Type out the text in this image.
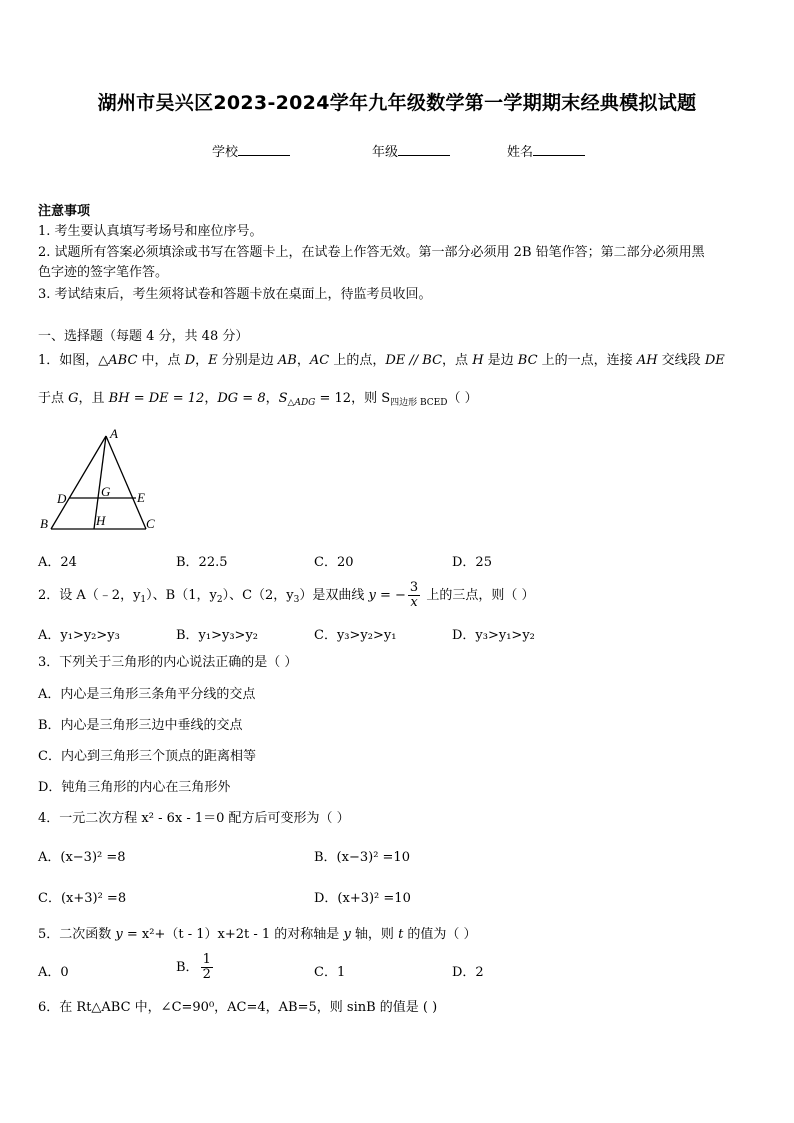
湖州市吴兴区2023-2024学年九年级数学第一学期期末经典模拟试题
学校	年级	姓名
注意事项
1. 考生要认真填写考场号和座位序号。
2. 试题所有答案必须填涂或书写在答题卡上，在试卷上作答无效。第一部分必须用 2B 铅笔作答；第二部分必须用黑
色字迹的签字笔作答。
3. 考试结束后，考生须将试卷和答题卡放在桌面上，待监考员收回。
一、选择题（每题 4 分，共 48 分）
1．如图，△ABC 中，点 D，E 分别是边 AB，AC 上的点，DE // BC，点 H 是边 BC 上的一点，连接 AH 交线段 DE
于点 G，且 BH = DE = 12，DG = 8，$S_{\triangle ADG} = 12$，则 $S_{四边形 BCED}$（ ）
A
B	C
D	E
G
H
A．24	B．22.5	C．20	D．25
2．设 A（﹣2，$y_1$）、B（1，$y_2$）、C（2，$y_3$）是双曲线 y = − $\frac{3}{x}$ 上的三点，则（ ）
A．y₁>y₂>y₃	B．y₁>y₃>y₂	C．y₃>y₂>y₁	D．y₃>y₁>y₂
3．下列关于三角形的内心说法正确的是（ ）
A．内心是三角形三条角平分线的交点
B．内心是三角形三边中垂线的交点
C．内心到三角形三个顶点的距离相等
D．钝角三角形的内心在三角形外
4．一元二次方程 x² - 6x - 1＝0 配方后可变形为（ ）
A．(x−3)² =8	B．(x−3)² =10
C．(x+3)² =8	D．(x+3)² =10
5．二次函数 y = x²+（t - 1）x+2t - 1 的对称轴是 y 轴，则 t 的值为（ ）
A．0	B． $\frac{1}{2}$	C．1	D．2
6．在 Rt△ABC 中，∠C=90⁰，AC=4，AB=5，则 sinB 的值是 ( )
